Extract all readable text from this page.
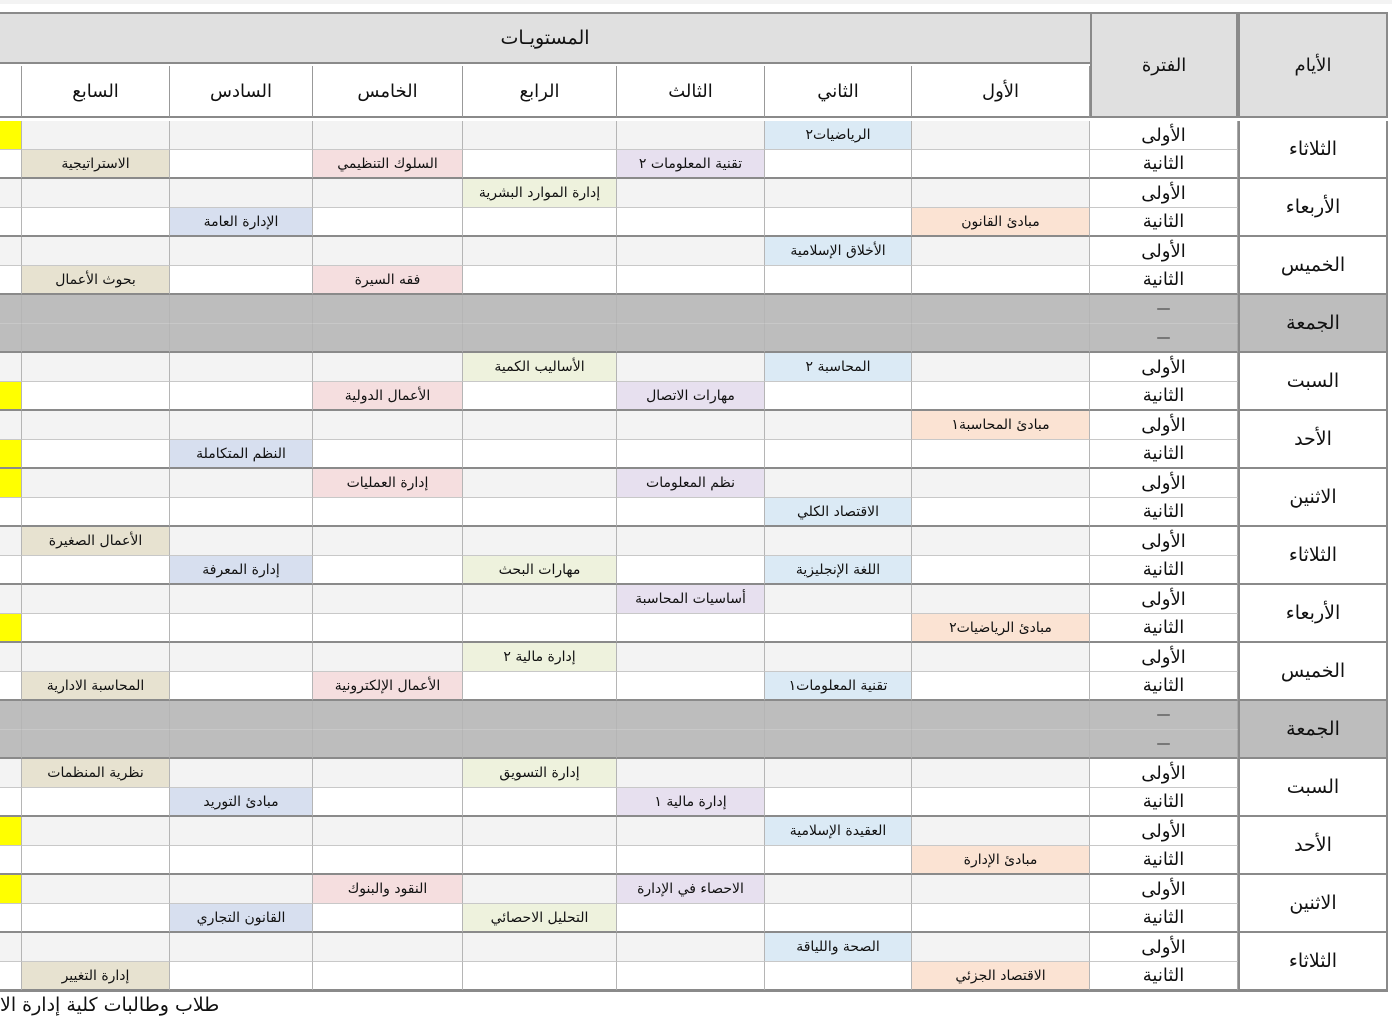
الأيام
الفترة
المستويـات
الأول
الثاني
الثالث
الرابع
الخامس
السادس
السابع
الثلاثاء
الأولى
الرياضيات٢
الثانية
تقنية المعلومات ٢
السلوك التنظيمي
الاستراتيجية
الأربعاء
الأولى
إدارة الموارد البشرية
الثانية
مبادئ القانون
الإدارة العامة
الخميس
الأولى
الأخلاق الإسلامية
الثانية
فقه السيرة
بحوث الأعمال
الجمعة
—
—
السبت
الأولى
المحاسبة ٢
الأساليب الكمية
الثانية
مهارات الاتصال
الأعمال الدولية
الأحد
الأولى
مبادئ المحاسبة١
الثانية
النظم المتكاملة
الاثنين
الأولى
نظم المعلومات
إدارة العمليات
الثانية
الاقتصاد الكلي
الثلاثاء
الأولى
الأعمال الصغيرة
الثانية
اللغة الإنجليزية
مهارات البحث
إدارة المعرفة
الأربعاء
الأولى
أساسيات المحاسبة
الثانية
مبادئ الرياضيات٢
الخميس
الأولى
إدارة مالية ٢
الثانية
تقنية المعلومات١
الأعمال الإلكترونية
المحاسبة الادارية
الجمعة
—
—
السبت
الأولى
إدارة التسويق
نظرية المنظمات
الثانية
إدارة مالية ١
مبادئ التوريد
الأحد
الأولى
العقيدة الإسلامية
الثانية
مبادئ الإدارة
الاثنين
الأولى
الاحصاء في الإدارة
النقود والبنوك
الثانية
التحليل الاحصائي
القانون التجاري
الثلاثاء
الأولى
الصحة واللياقة
الثانية
الاقتصاد الجزئي
إدارة التغيير
طلاب وطالبات كلية إدارة الا
